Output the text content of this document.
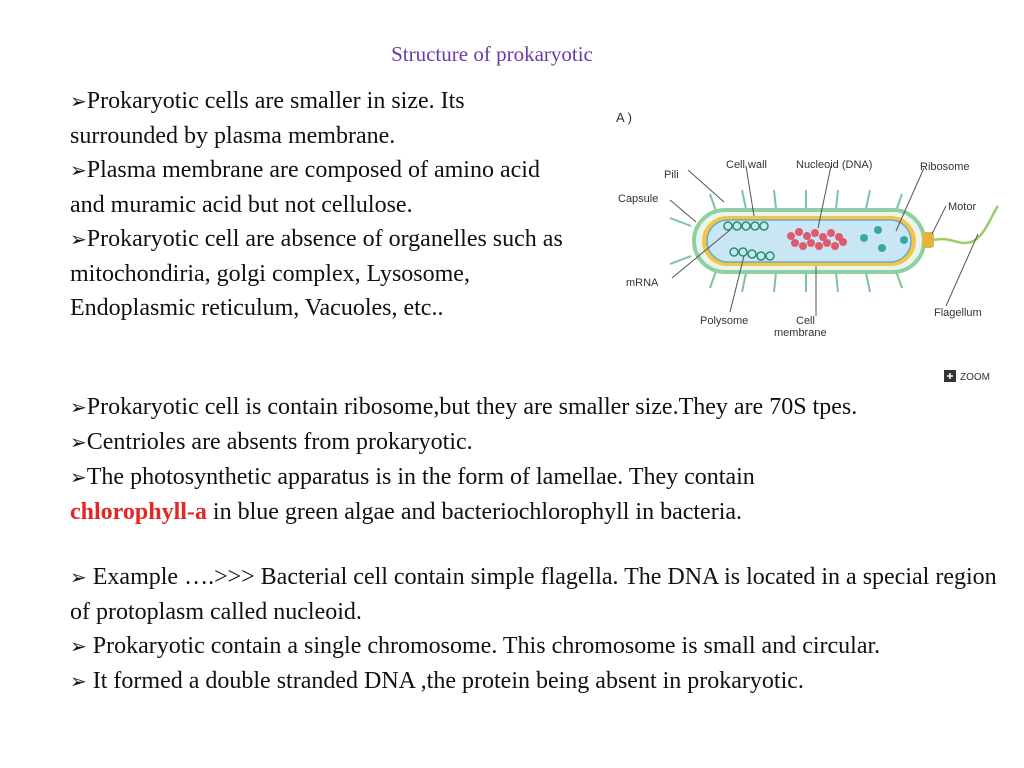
Structure of prokaryotic

➢Prokaryotic cells are smaller in size. Its surrounded by plasma membrane.
➢Plasma membrane are composed of amino acid and muramic acid but not cellulose.
➢Prokaryotic cell are absence of organelles such as mitochondiria, golgi complex, Lysosome, Endoplasmic reticulum, Vacuoles, etc..

➢Prokaryotic cell is contain ribosome,but they are smaller size.They are 70S tpes.
➢Centrioles are absents from prokaryotic.
➢The photosynthetic apparatus is in the form of lamellae. They contain
chlorophyll-a in blue green algae and bacteriochlorophyll in bacteria.

➢ Example ….>>> Bacterial cell contain simple flagella. The DNA is located in a special region of protoplasm called nucleoid.
➢ Prokaryotic contain a single chromosome. This chromosome is small and circular.
➢ It formed a double stranded DNA ,the protein being absent in prokaryotic.

A )
Pili
Cell wall	Nucleoid (DNA)	Ribosome
Capsule
Motor
mRNA
Flagellum
Polysome	Cell
membrane
ZOOM
